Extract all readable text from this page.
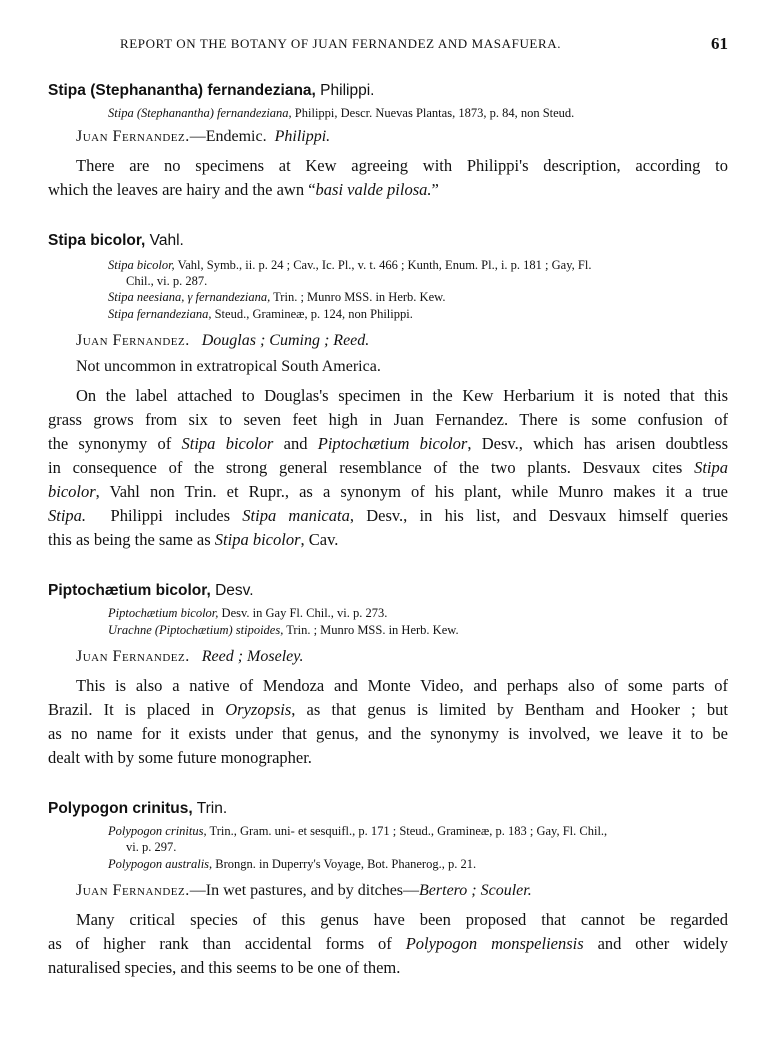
REPORT ON THE BOTANY OF JUAN FERNANDEZ AND MASAFUERA.	61
Stipa (Stephanantha) fernandeziana, Philippi.
Stipa (Stephanantha) fernandeziana, Philippi, Descr. Nuevas Plantas, 1873, p. 84, non Steud.
Juan Fernandez.—Endemic. Philippi.
There are no specimens at Kew agreeing with Philippi's description, according to
which the leaves are hairy and the awn “basi valde pilosa.”
Stipa bicolor, Vahl.
Stipa bicolor, Vahl, Symb., ii. p. 24 ; Cav., Ic. Pl., v. t. 466 ; Kunth, Enum. Pl., i. p. 181 ; Gay, Fl.
Chil., vi. p. 287.
Stipa neesiana, γ fernandeziana, Trin. ; Munro MSS. in Herb. Kew.
Stipa fernandeziana, Steud., Gramineæ, p. 124, non Philippi.
Juan Fernandez. Douglas ; Cuming ; Reed.
Not uncommon in extratropical South America.
On the label attached to Douglas's specimen in the Kew Herbarium it is noted that this
grass grows from six to seven feet high in Juan Fernandez. There is some confusion of
the synonymy of Stipa bicolor and Piptochætium bicolor, Desv., which has arisen doubtless
in consequence of the strong general resemblance of the two plants. Desvaux cites Stipa
bicolor, Vahl non Trin. et Rupr., as a synonym of his plant, while Munro makes it a true
Stipa. Philippi includes Stipa manicata, Desv., in his list, and Desvaux himself queries
this as being the same as Stipa bicolor, Cav.
Piptochætium bicolor, Desv.
Piptochætium bicolor, Desv. in Gay Fl. Chil., vi. p. 273.
Urachne (Piptochætium) stipoides, Trin. ; Munro MSS. in Herb. Kew.
Juan Fernandez. Reed ; Moseley.
This is also a native of Mendoza and Monte Video, and perhaps also of some parts of
Brazil. It is placed in Oryzopsis, as that genus is limited by Bentham and Hooker ; but
as no name for it exists under that genus, and the synonymy is involved, we leave it to be
dealt with by some future monographer.
Polypogon crinitus, Trin.
Polypogon crinitus, Trin., Gram. uni- et sesquifl., p. 171 ; Steud., Gramineæ, p. 183 ; Gay, Fl. Chil.,
vi. p. 297.
Polypogon australis, Brongn. in Duperry's Voyage, Bot. Phanerog., p. 21.
Juan Fernandez.—In wet pastures, and by ditches—Bertero ; Scouler.
Many critical species of this genus have been proposed that cannot be regarded
as of higher rank than accidental forms of Polypogon monspeliensis and other widely
naturalised species, and this seems to be one of them.
